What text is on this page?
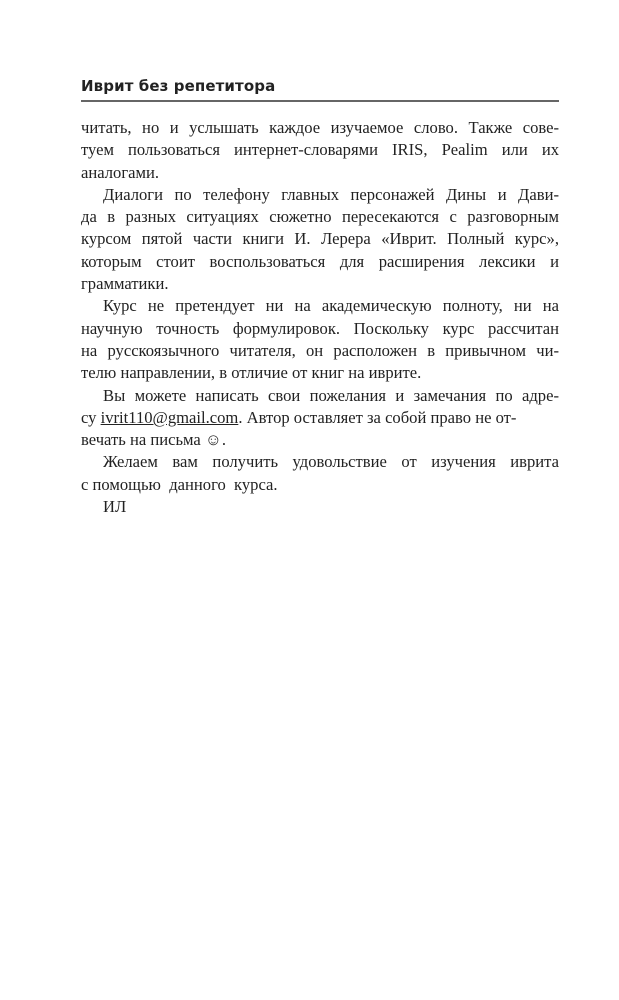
Иврит без репетитора
читать, но и услышать каждое изучаемое слово. Также сове-
туем пользоваться интернет-словарями IRIS, Pealim или их
аналогами.
Диалоги по телефону главных персонажей Дины и Дави-
да в разных ситуациях сюжетно пересекаются с разговорным
курсом пятой части книги И. Лерера «Иврит. Полный курс»,
которым стоит воспользоваться для расширения лексики и
грамматики.
Курс не претендует ни на академическую полноту, ни на
научную точность формулировок. Поскольку курс рассчитан
на русскоязычного читателя, он расположен в привычном чи-
телю направлении, в отличие от книг на иврите.
Вы можете написать свои пожелания и замечания по адре-
су ivrit110@gmail.com. Автор оставляет за собой право не от-
вечать на письма ☺.
Желаем вам получить удовольствие от изучения иврита
с помощью  данного  курса.
ИЛ
